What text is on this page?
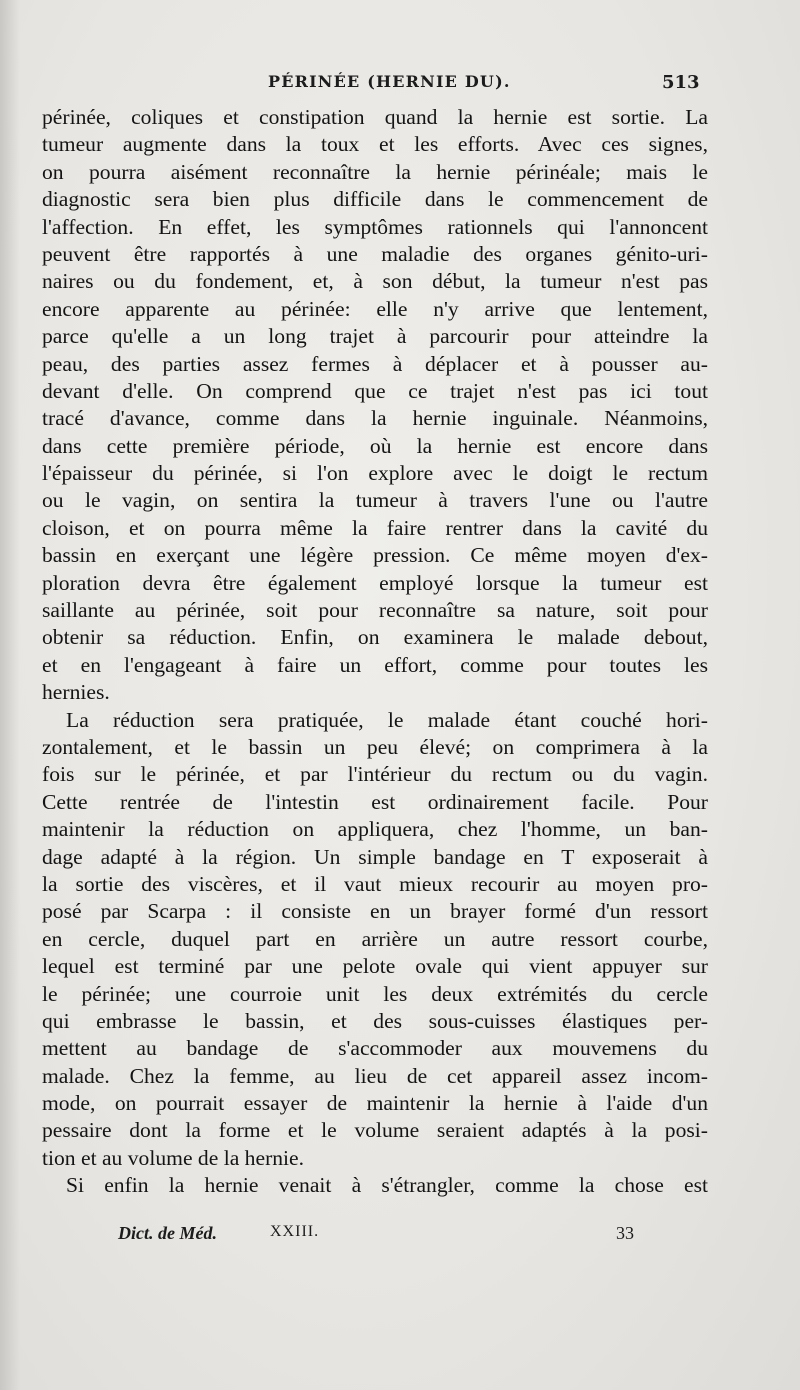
PÉRINÉE (HERNIE DU).	513
périnée, coliques et constipation quand la hernie est sortie. La
tumeur augmente dans la toux et les efforts. Avec ces signes,
on pourra aisément reconnaître la hernie périnéale; mais le
diagnostic sera bien plus difficile dans le commencement de
l'affection. En effet, les symptômes rationnels qui l'annoncent
peuvent être rapportés à une maladie des organes génito-uri-
naires ou du fondement, et, à son début, la tumeur n'est pas
encore apparente au périnée: elle n'y arrive que lentement,
parce qu'elle a un long trajet à parcourir pour atteindre la
peau, des parties assez fermes à déplacer et à pousser au-
devant d'elle. On comprend que ce trajet n'est pas ici tout
tracé d'avance, comme dans la hernie inguinale. Néanmoins,
dans cette première période, où la hernie est encore dans
l'épaisseur du périnée, si l'on explore avec le doigt le rectum
ou le vagin, on sentira la tumeur à travers l'une ou l'autre
cloison, et on pourra même la faire rentrer dans la cavité du
bassin en exerçant une légère pression. Ce même moyen d'ex-
ploration devra être également employé lorsque la tumeur est
saillante au périnée, soit pour reconnaître sa nature, soit pour
obtenir sa réduction. Enfin, on examinera le malade debout,
et en l'engageant à faire un effort, comme pour toutes les
hernies.
La réduction sera pratiquée, le malade étant couché hori-
zontalement, et le bassin un peu élevé; on comprimera à la
fois sur le périnée, et par l'intérieur du rectum ou du vagin.
Cette rentrée de l'intestin est ordinairement facile. Pour
maintenir la réduction on appliquera, chez l'homme, un ban-
dage adapté à la région. Un simple bandage en T exposerait à
la sortie des viscères, et il vaut mieux recourir au moyen pro-
posé par Scarpa : il consiste en un brayer formé d'un ressort
en cercle, duquel part en arrière un autre ressort courbe,
lequel est terminé par une pelote ovale qui vient appuyer sur
le périnée; une courroie unit les deux extrémités du cercle
qui embrasse le bassin, et des sous-cuisses élastiques per-
mettent au bandage de s'accommoder aux mouvemens du
malade. Chez la femme, au lieu de cet appareil assez incom-
mode, on pourrait essayer de maintenir la hernie à l'aide d'un
pessaire dont la forme et le volume seraient adaptés à la posi-
tion et au volume de la hernie.
Si enfin la hernie venait à s'étrangler, comme la chose est
Dict. de Méd.	XXIII.	33
